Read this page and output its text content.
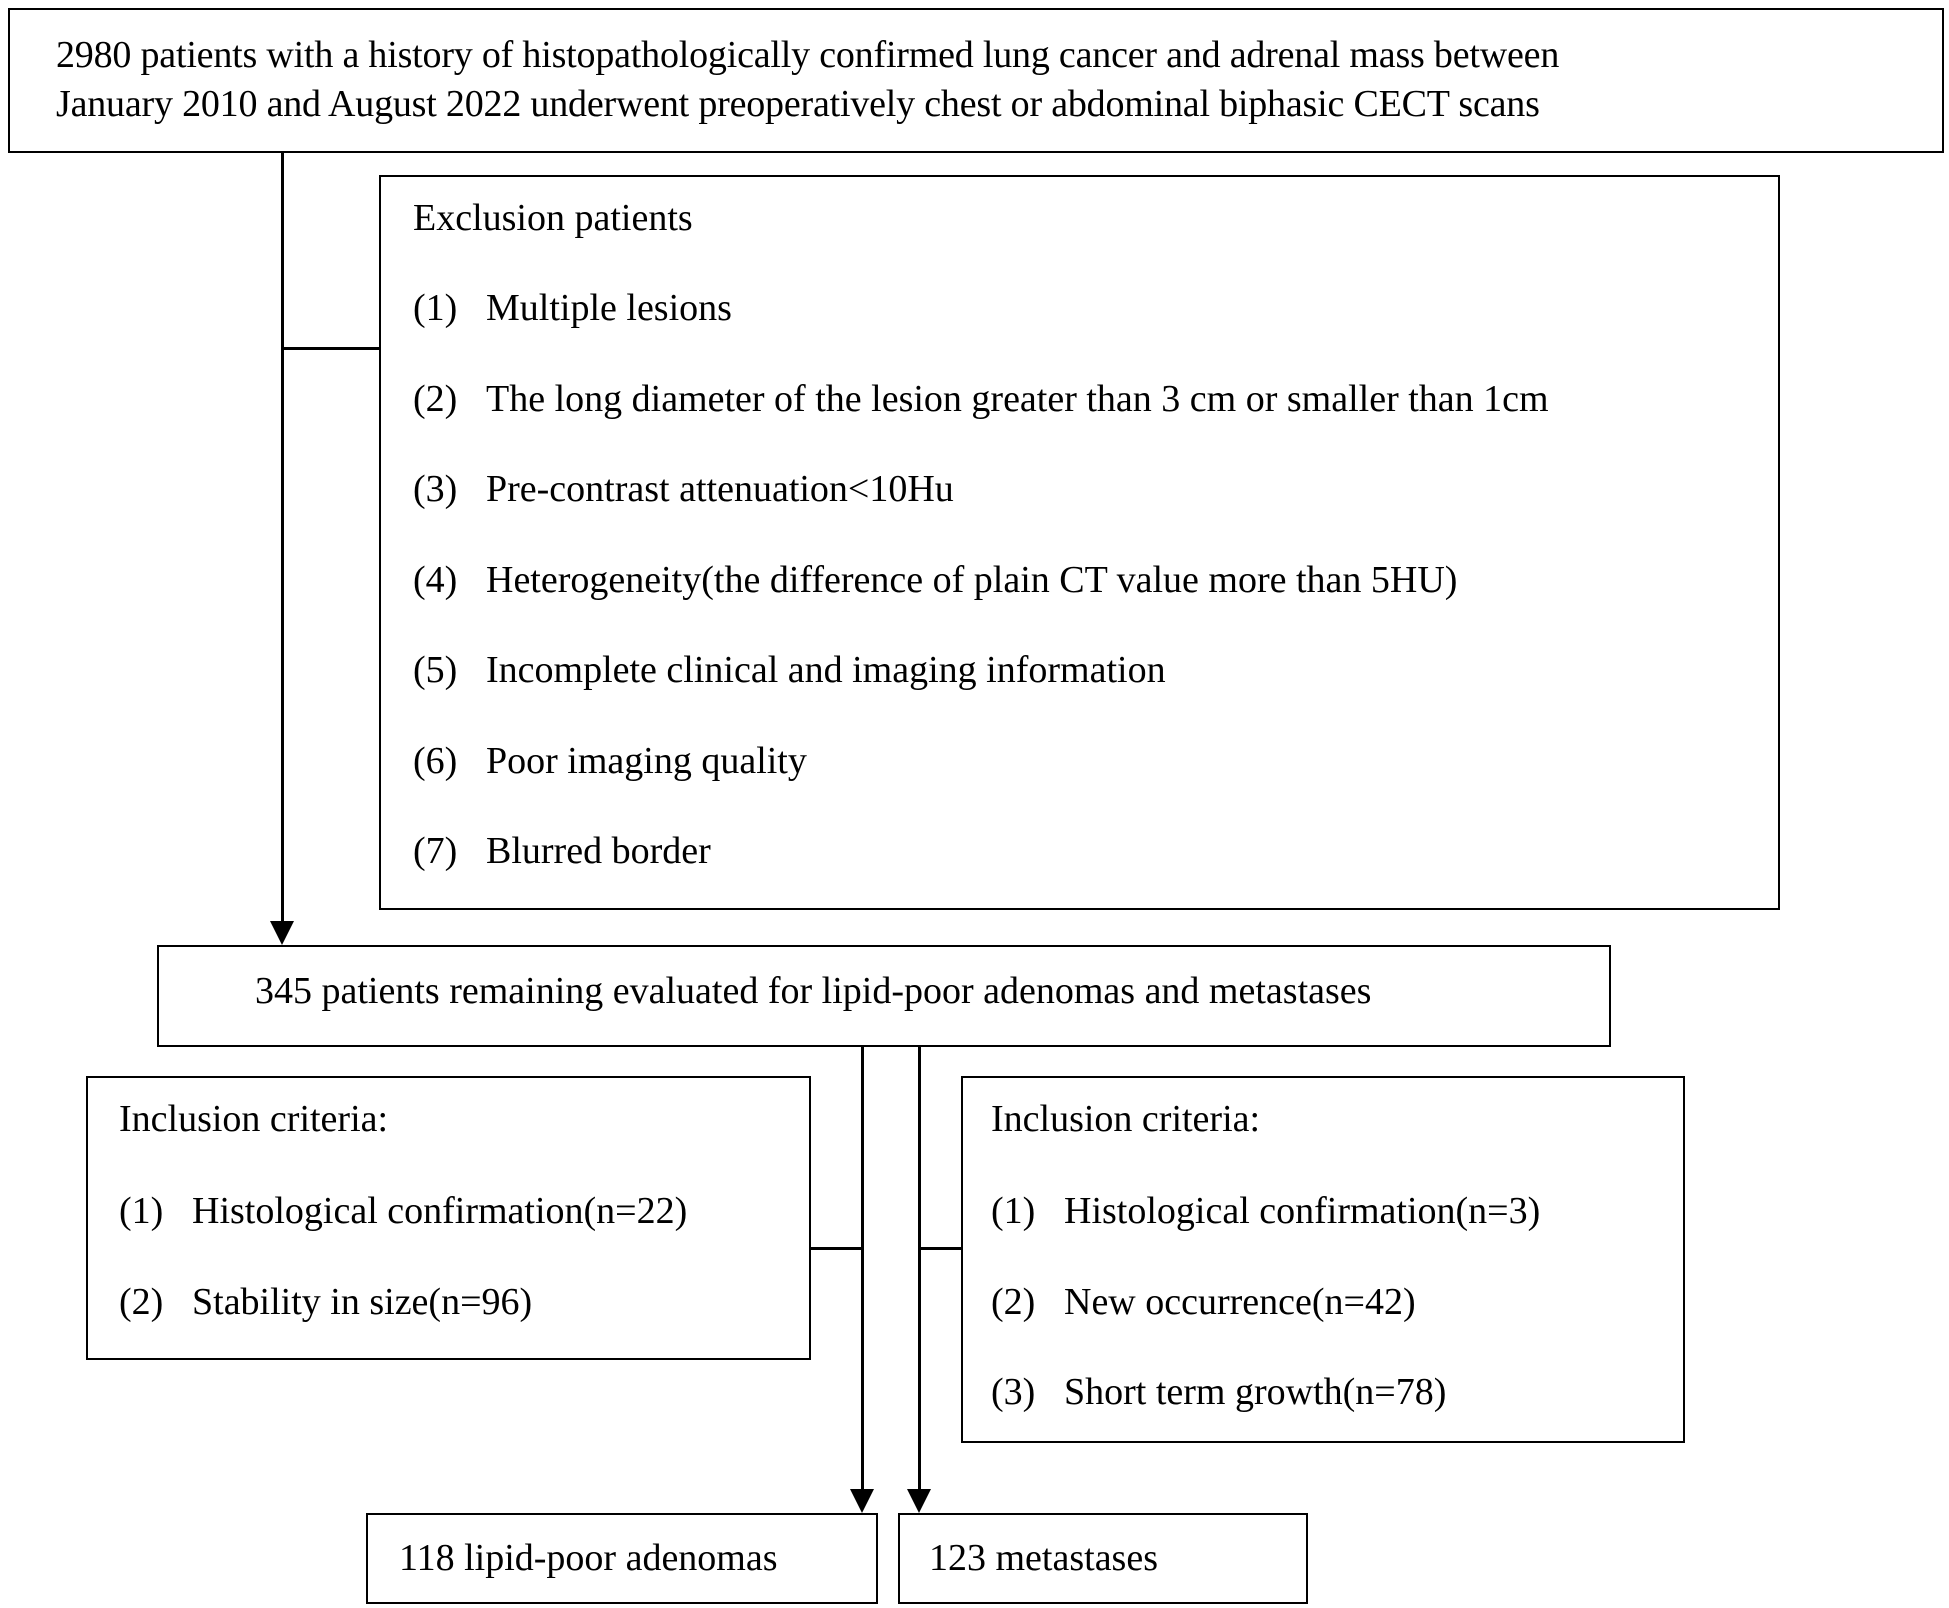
2980 patients with a history of histopathologically confirmed lung cancer and adrenal mass between
January 2010 and August 2022 underwent preoperatively chest or abdominal biphasic CECT scans
Exclusion patients
(1) Multiple lesions
(2) The long diameter of the lesion greater than 3 cm or smaller than 1cm
(3) Pre-contrast attenuation<10Hu
(4) Heterogeneity(the difference of plain CT value more than 5HU)
(5) Incomplete clinical and imaging information
(6) Poor imaging quality
(7) Blurred border
345 patients remaining evaluated for lipid-poor adenomas and metastases
Inclusion criteria:
(1) Histological confirmation(n=22)
(2) Stability in size(n=96)
Inclusion criteria:
(1) Histological confirmation(n=3)
(2) New occurrence(n=42)
(3) Short term growth(n=78)
118 lipid-poor adenomas	123 metastases
